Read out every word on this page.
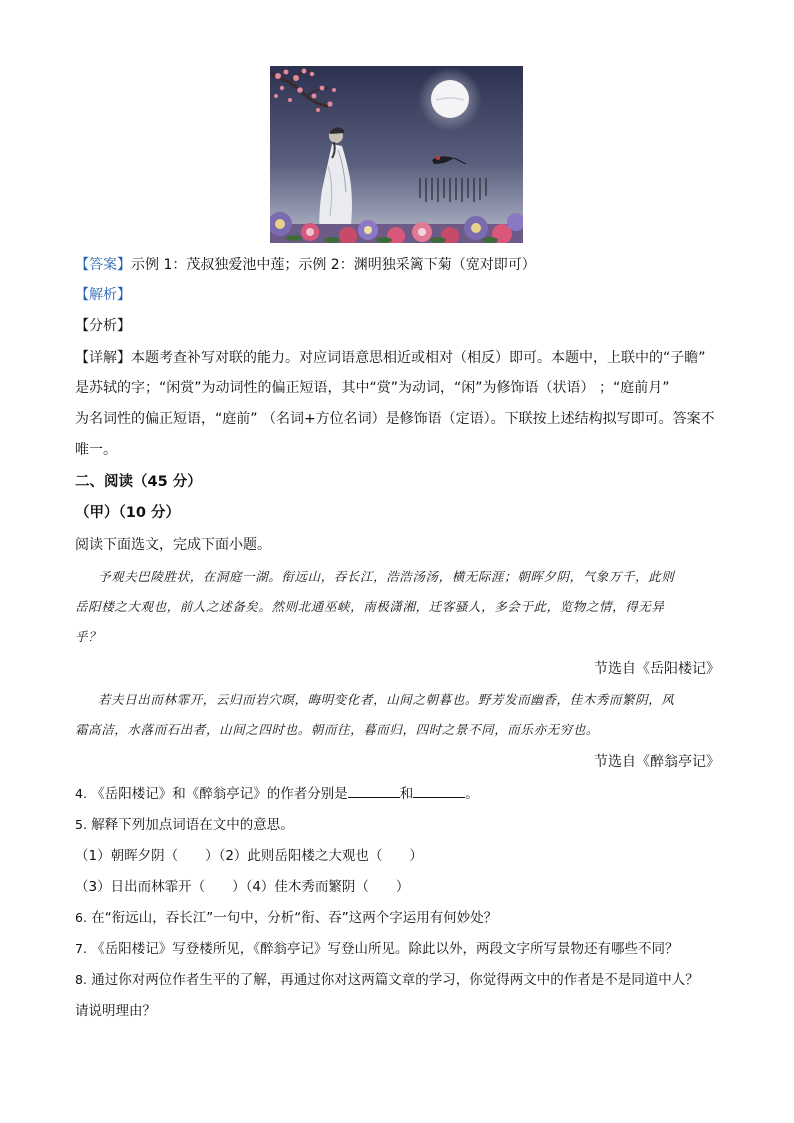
【答案】示例 1：茂叔独爱池中莲；示例 2：渊明独采篱下菊（宽对即可）
【解析】
【分析】
【详解】本题考查补写对联的能力。对应词语意思相近或相对（相反）即可。本题中，上联中的“子瞻”
是苏轼的字；“闲赏”为动词性的偏正短语，其中“赏”为动词，“闲”为修饰语（状语） ；“庭前月”
为名词性的偏正短语，“庭前” （名词+方位名词）是修饰语（定语）。下联按上述结构拟写即可。答案不
唯一。
二、阅读（45 分）
（甲）（10 分）
阅读下面选文，完成下面小题。
予观夫巴陵胜状，在洞庭一湖。衔远山，吞长江，浩浩汤汤，横无际涯；朝晖夕阴，气象万千，此则
岳阳楼之大观也，前人之述备矣。然则北通巫峡，南极潇湘，迁客骚人，多会于此，览物之情，得无异
乎？
节选自《岳阳楼记》
若夫日出而林霏开，云归而岩穴暝，晦明变化者，山间之朝暮也。野芳发而幽香，佳木秀而繁阴，风
霜高洁，水落而石出者，山间之四时也。朝而往，暮而归，四时之景不同，而乐亦无穷也。
节选自《醉翁亭记》
4. 《岳阳楼记》和《醉翁亭记》的作者分别是	和	。
5. 解释下列加点词语在文中的意思。
（1）朝晖夕阴（　　）（2）此则岳阳楼之大观也（　　）
（3）日出而林霏开（　　）（4）佳木秀而繁阴（　　）
6. 在“衔远山，吞长江”一句中，分析“衔、吞”这两个字运用有何妙处？
7. 《岳阳楼记》写登楼所见，《醉翁亭记》写登山所见。除此以外，两段文字所写景物还有哪些不同？
8. 通过你对两位作者生平的了解，再通过你对这两篇文章的学习，你觉得两文中的作者是不是同道中人？
请说明理由？
